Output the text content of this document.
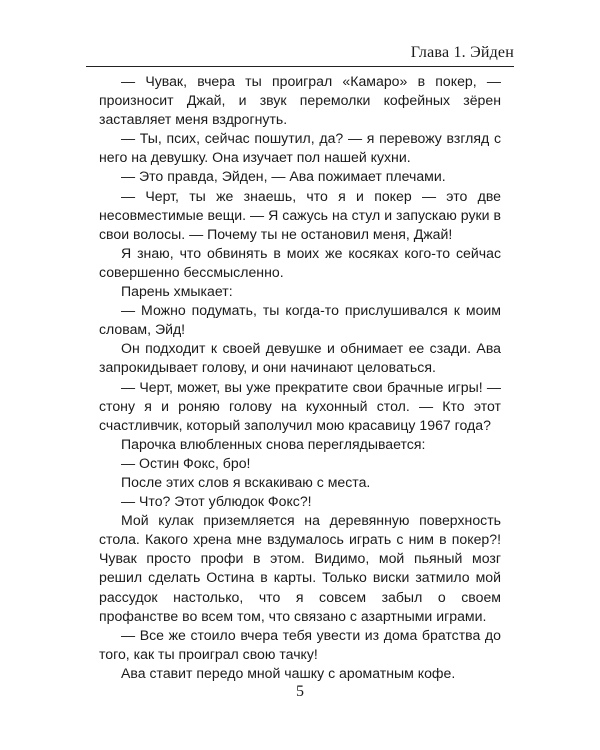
Глава 1. Эйден

— Чувак, вчера ты проиграл «Камаро» в покер, — произносит Джай, и звук перемолки кофейных зёрен заставляет меня вздрогнуть.

— Ты, псих, сейчас пошутил, да? — я перевожу взгляд с него на девушку. Она изучает пол нашей кухни.

— Это правда, Эйден, — Ава пожимает плечами.

— Черт, ты же знаешь, что я и покер — это две несовместимые вещи. — Я сажусь на стул и запускаю руки в свои волосы. — Почему ты не остановил меня, Джай!

Я знаю, что обвинять в моих же косяках кого-то сейчас совершенно бессмысленно.

Парень хмыкает:

— Можно подумать, ты когда-то прислушивался к моим словам, Эйд!

Он подходит к своей девушке и обнимает ее сзади. Ава запрокидывает голову, и они начинают целоваться.

— Черт, может, вы уже прекратите свои брачные игры! — стону я и роняю голову на кухонный стол. — Кто этот счастливчик, который заполучил мою красавицу 1967 года?

Парочка влюбленных снова переглядывается:

— Остин Фокс, бро!

После этих слов я вскакиваю с места.

— Что? Этот ублюдок Фокс?!

Мой кулак приземляется на деревянную поверхность стола. Какого хрена мне вздумалось играть с ним в покер?! Чувак просто профи в этом. Видимо, мой пьяный мозг решил сделать Остина в карты. Только виски затмило мой рассудок настолько, что я совсем забыл о своем профанстве во всем том, что связано с азартными играми.

— Все же стоило вчера тебя увести из дома братства до того, как ты проиграл свою тачку!

Ава ставит передо мной чашку с ароматным кофе.

5
